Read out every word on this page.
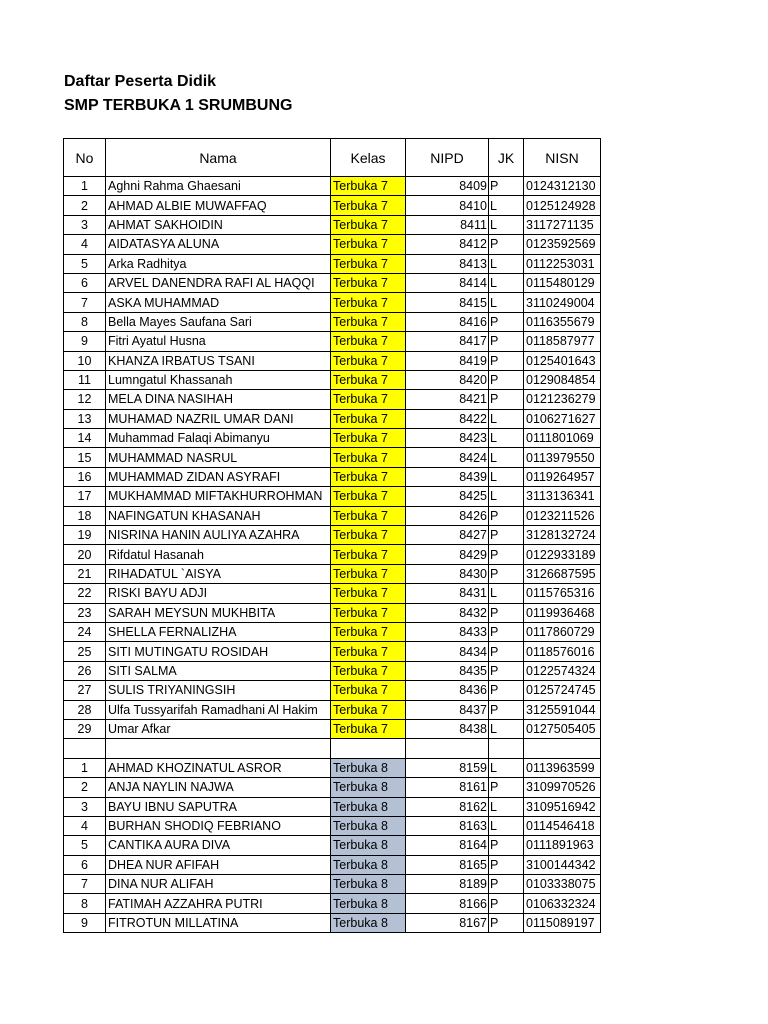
Daftar Peserta Didik
SMP TERBUKA 1 SRUMBUNG
No	Nama	Kelas	NIPD	JK	NISN
1	Aghni Rahma Ghaesani	Terbuka 7	8409	P	0124312130
2	AHMAD ALBIE MUWAFFAQ	Terbuka 7	8410	L	0125124928
3	AHMAT SAKHOIDIN	Terbuka 7	8411	L	3117271135
4	AIDATASYA ALUNA	Terbuka 7	8412	P	0123592569
5	Arka Radhitya	Terbuka 7	8413	L	0112253031
6	ARVEL DANENDRA RAFI AL HAQQI	Terbuka 7	8414	L	0115480129
7	ASKA MUHAMMAD	Terbuka 7	8415	L	3110249004
8	Bella Mayes Saufana Sari	Terbuka 7	8416	P	0116355679
9	Fitri Ayatul Husna	Terbuka 7	8417	P	0118587977
10	KHANZA IRBATUS TSANI	Terbuka 7	8419	P	0125401643
11	Lumngatul Khassanah	Terbuka 7	8420	P	0129084854
12	MELA DINA NASIHAH	Terbuka 7	8421	P	0121236279
13	MUHAMAD NAZRIL UMAR DANI	Terbuka 7	8422	L	0106271627
14	Muhammad Falaqi Abimanyu	Terbuka 7	8423	L	0111801069
15	MUHAMMAD NASRUL	Terbuka 7	8424	L	0113979550
16	MUHAMMAD ZIDAN ASYRAFI	Terbuka 7	8439	L	0119264957
17	MUKHAMMAD MIFTAKHURROHMAN	Terbuka 7	8425	L	3113136341
18	NAFINGATUN KHASANAH	Terbuka 7	8426	P	0123211526
19	NISRINA HANIN AULIYA AZAHRA	Terbuka 7	8427	P	3128132724
20	Rifdatul Hasanah	Terbuka 7	8429	P	0122933189
21	RIHADATUL `AISYA	Terbuka 7	8430	P	3126687595
22	RISKI BAYU ADJI	Terbuka 7	8431	L	0115765316
23	SARAH MEYSUN MUKHBITA	Terbuka 7	8432	P	0119936468
24	SHELLA FERNALIZHA	Terbuka 7	8433	P	0117860729
25	SITI MUTINGATU ROSIDAH	Terbuka 7	8434	P	0118576016
26	SITI SALMA	Terbuka 7	8435	P	0122574324
27	SULIS TRIYANINGSIH	Terbuka 7	8436	P	0125724745
28	Ulfa Tussyarifah Ramadhani Al Hakim	Terbuka 7	8437	P	3125591044
29	Umar Afkar	Terbuka 7	8438	L	0127505405

1	AHMAD KHOZINATUL ASROR	Terbuka 8	8159	L	0113963599
2	ANJA NAYLIN NAJWA	Terbuka 8	8161	P	3109970526
3	BAYU IBNU SAPUTRA	Terbuka 8	8162	L	3109516942
4	BURHAN SHODIQ FEBRIANO	Terbuka 8	8163	L	0114546418
5	CANTIKA AURA DIVA	Terbuka 8	8164	P	0111891963
6	DHEA NUR AFIFAH	Terbuka 8	8165	P	3100144342
7	DINA NUR ALIFAH	Terbuka 8	8189	P	0103338075
8	FATIMAH AZZAHRA PUTRI	Terbuka 8	8166	P	0106332324
9	FITROTUN MILLATINA	Terbuka 8	8167	P	0115089197
